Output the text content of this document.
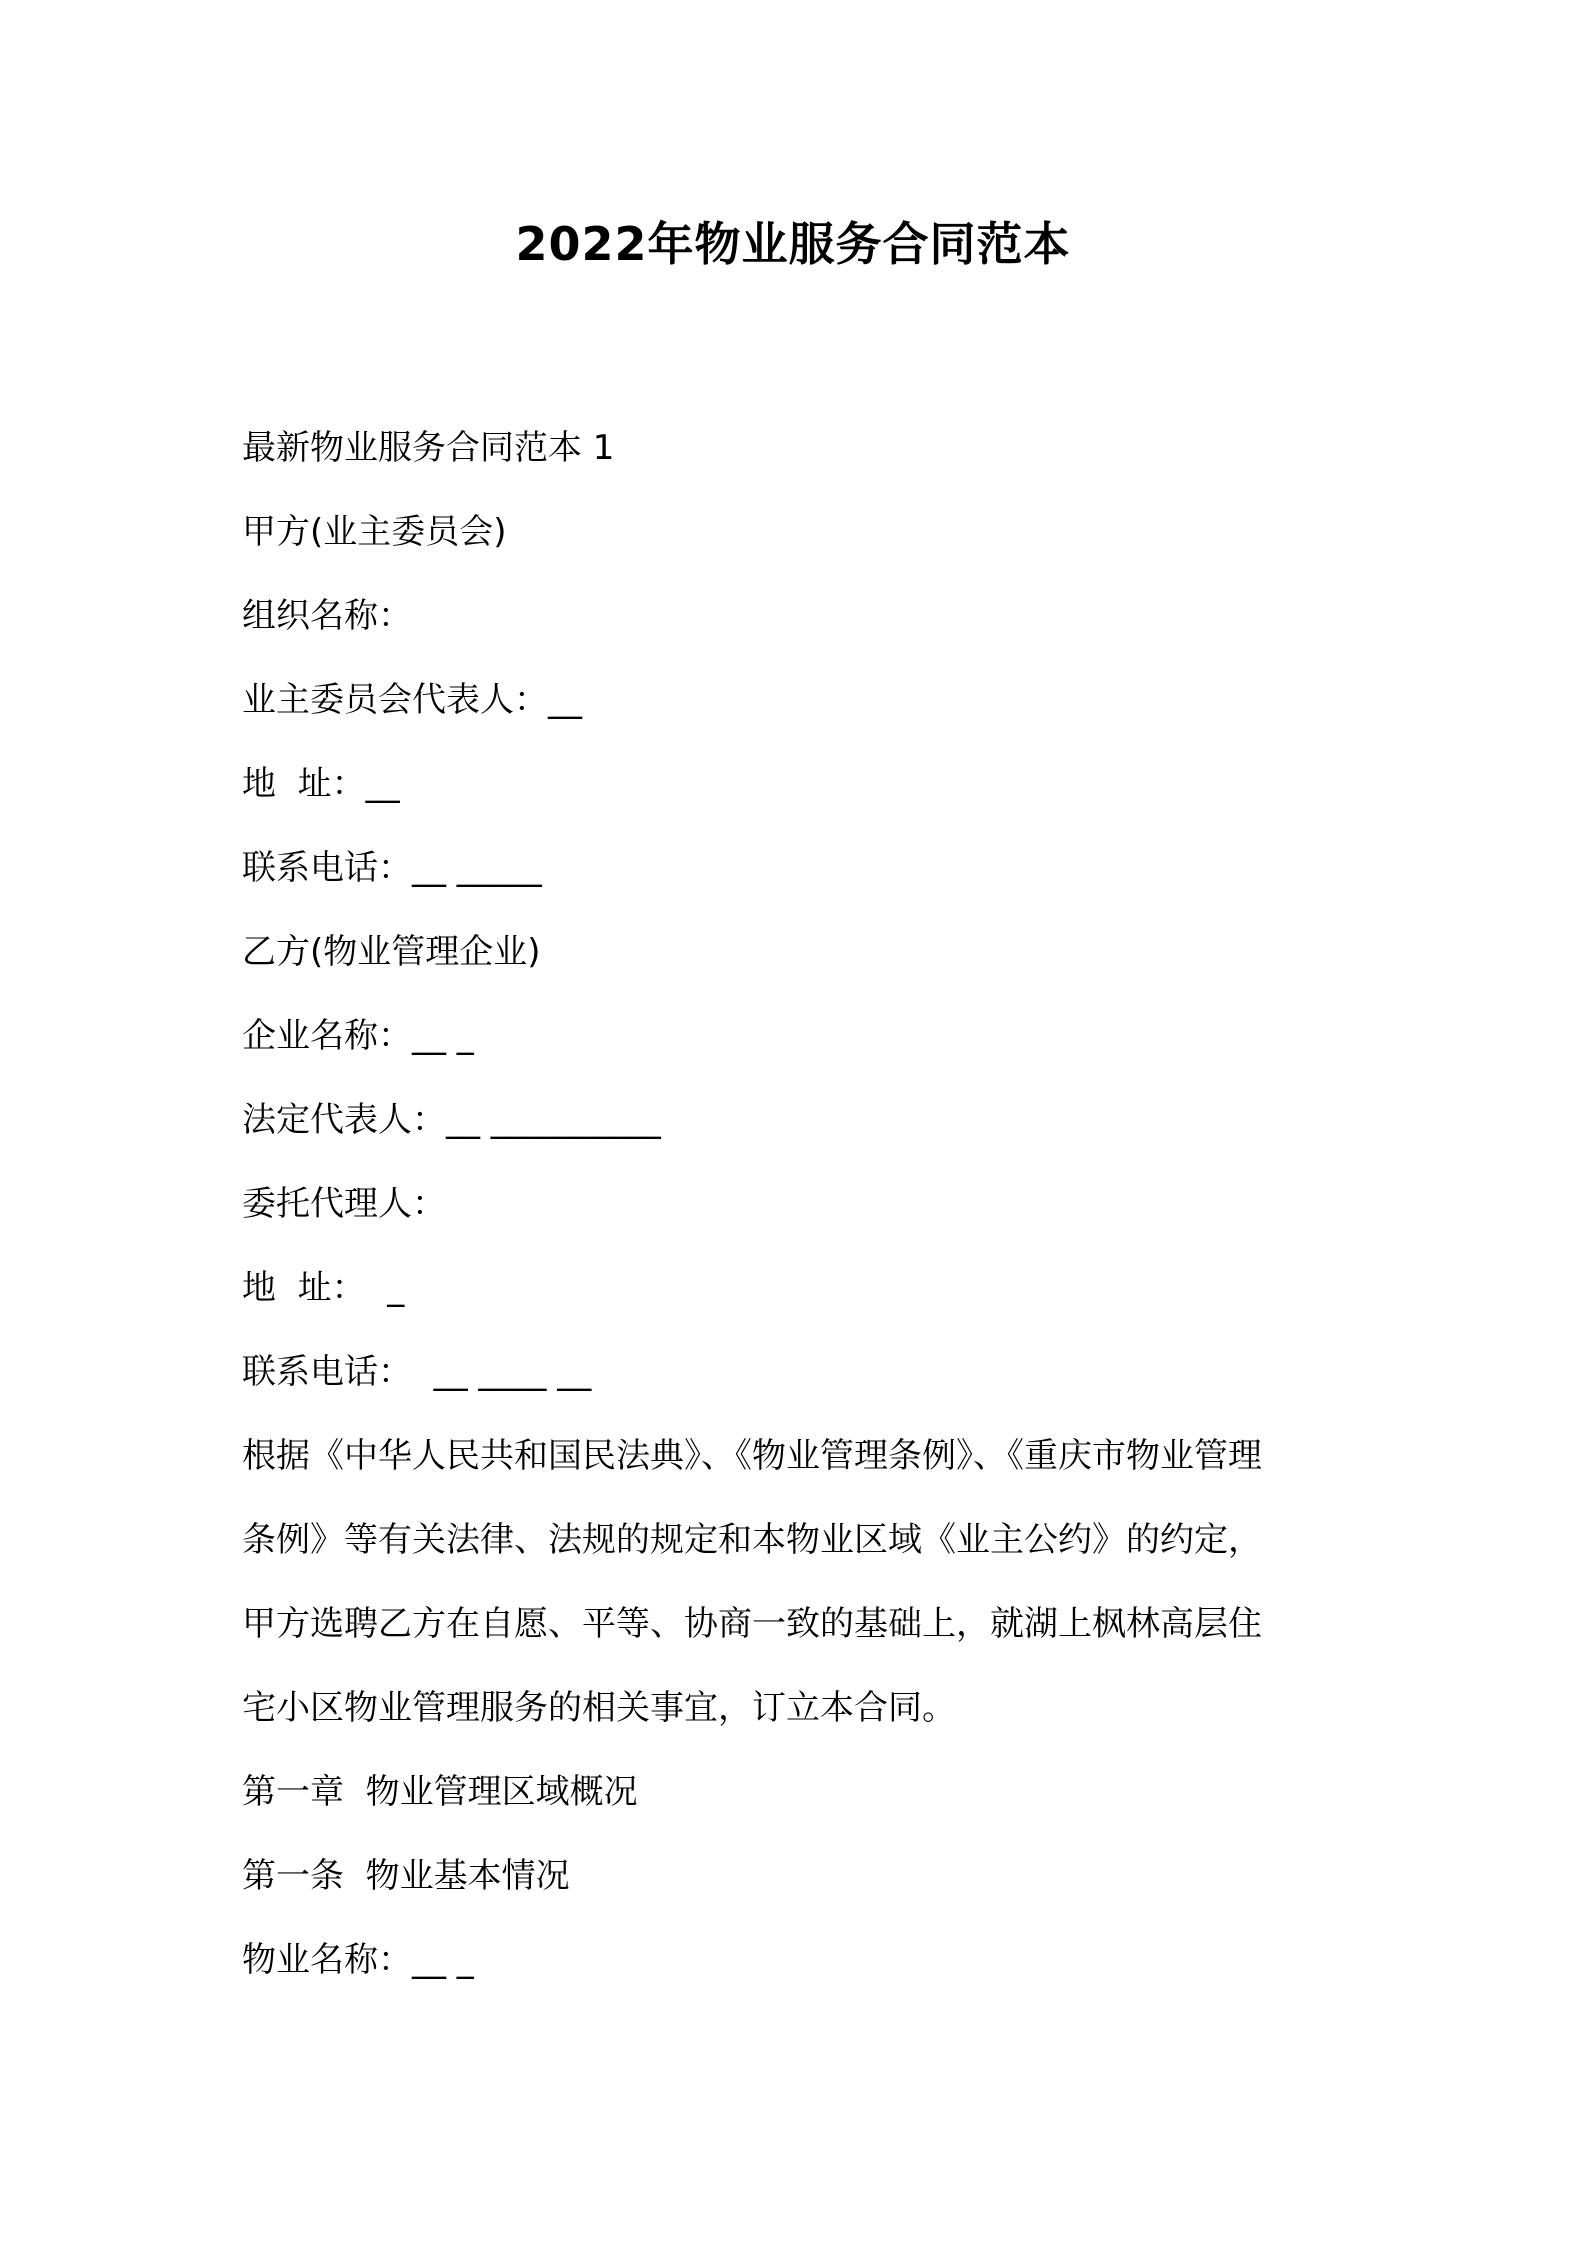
2022年物业服务合同范本
最新物业服务合同范本 1
甲方(业主委员会)
组织名称：
业主委员会代表人：__
地  址：__
联系电话：__ _____
乙方(物业管理企业)
企业名称：__ _
法定代表人：__ __________
委托代理人：
地  址：  _
联系电话：  __ ____ __
根据《中华人民共和国民法典》、《物业管理条例》、《重庆市物业管理
条例》等有关法律、法规的规定和本物业区域《业主公约》的约定，
甲方选聘乙方在自愿、平等、协商一致的基础上，就湖上枫林高层住
宅小区物业管理服务的相关事宜，订立本合同。
第一章  物业管理区域概况
第一条  物业基本情况
物业名称：__ _
